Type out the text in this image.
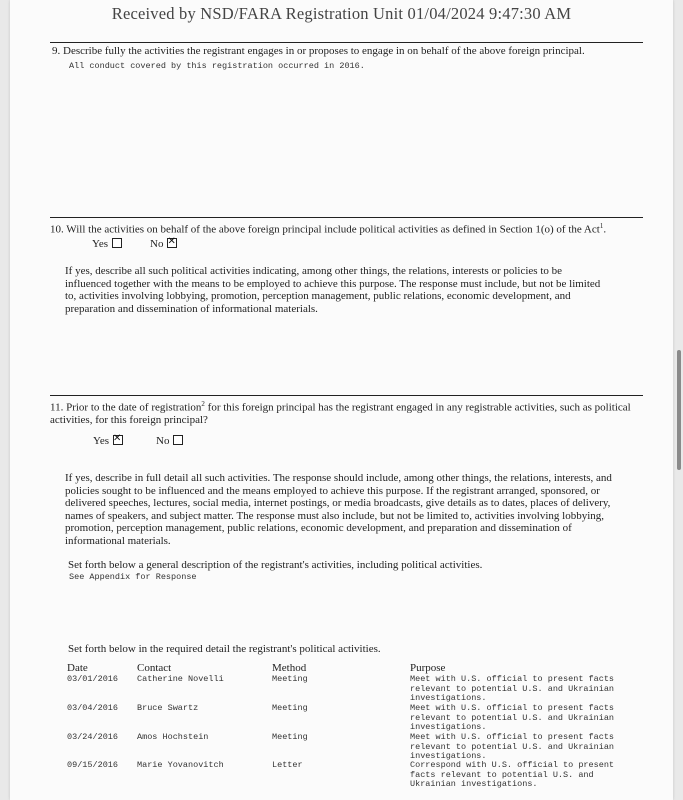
Received by NSD/FARA Registration Unit 01/04/2024 9:47:30 AM
9. Describe fully the activities the registrant engages in or proposes to engage in on behalf of the above foreign principal.
All conduct covered by this registration occurred in 2016.
10. Will the activities on behalf of the above foreign principal include political activities as defined in Section 1(o) of the Act$^1$.
Yes	No✕
If yes, describe all such political activities indicating, among other things, the relations, interests or policies to be influenced together with the means to be employed to achieve this purpose. The response must include, but not be limited to, activities involving lobbying, promotion, perception management, public relations, economic development, and preparation and dissemination of informational materials.
11. Prior to the date of registration$^2$ for this foreign principal has the registrant engaged in any registrable activities, such as political activities, for this foreign principal?
Yes✕	No
If yes, describe in full detail all such activities. The response should include, among other things, the relations, interests, and policies sought to be influenced and the means employed to achieve this purpose. If the registrant arranged, sponsored, or delivered speeches, lectures, social media, internet postings, or media broadcasts, give details as to dates, places of delivery, names of speakers, and subject matter. The response must also include, but not be limited to, activities involving lobbying, promotion, perception management, public relations, economic development, and preparation and dissemination of informational materials.
Set forth below a general description of the registrant's activities, including political activities.
See Appendix for Response
Set forth below in the required detail the registrant's political activities.
Date	Contact	Method	Purpose
03/01/2016 Catherine Novelli	Meeting	Meet with U.S. official to present facts relevant to potential U.S. and Ukrainian investigations.
03/04/2016 Bruce Swartz	Meeting	Meet with U.S. official to present facts relevant to potential U.S. and Ukrainian investigations.
03/24/2016 Amos Hochstein	Meeting	Meet with U.S. official to present facts relevant to potential U.S. and Ukrainian investigations.
09/15/2016 Marie Yovanovitch	Letter	Correspond with U.S. official to present facts relevant to potential U.S. and Ukrainian investigations.
